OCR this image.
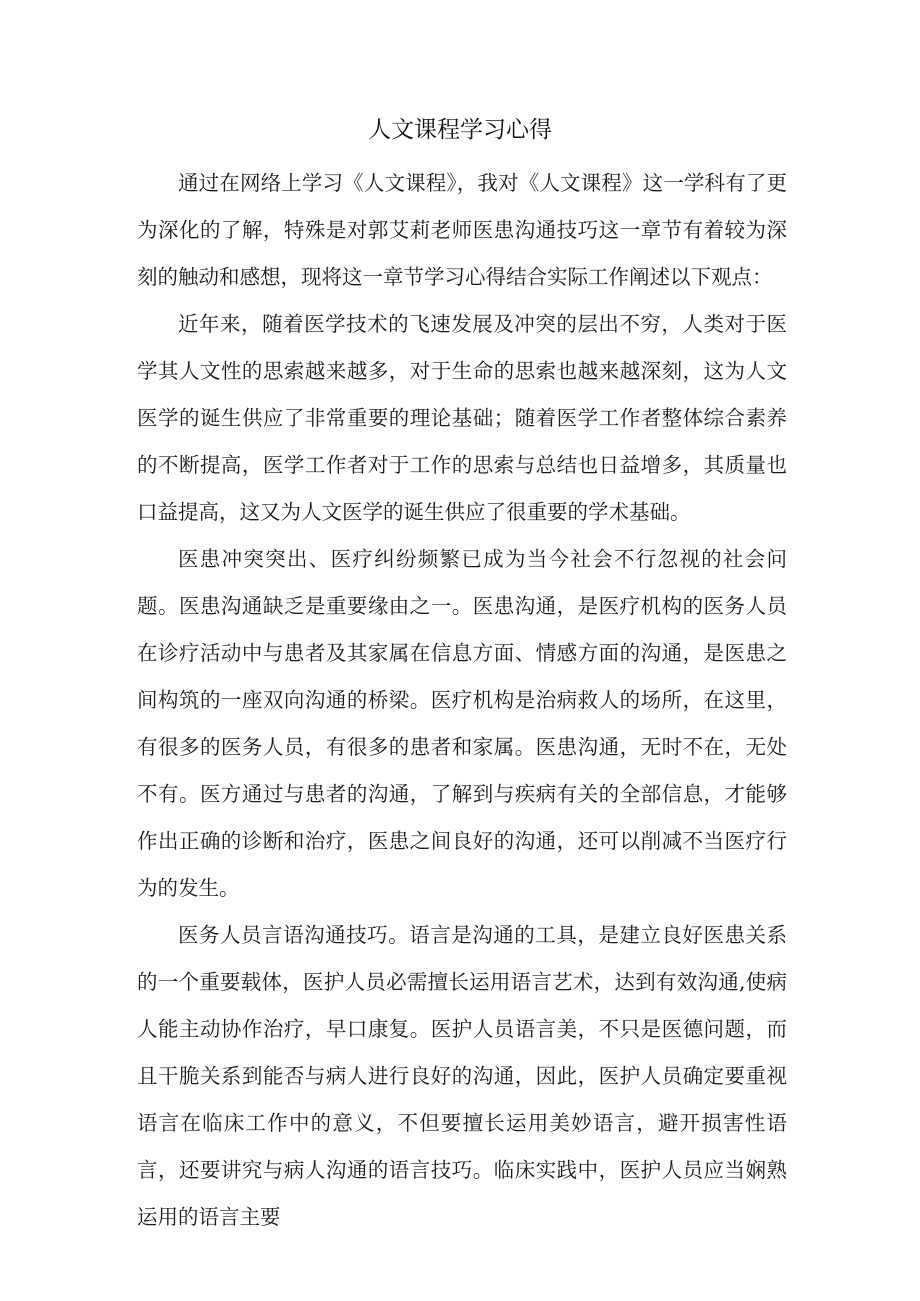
人文课程学习心得

通过在网络上学习《人文课程》，我对《人文课程》这一学科有了更为深化的了解，特殊是对郭艾莉老师医患沟通技巧这一章节有着较为深刻的触动和感想，现将这一章节学习心得结合实际工作阐述以下观点：

近年来，随着医学技术的飞速发展及冲突的层出不穷，人类对于医学其人文性的思索越来越多，对于生命的思索也越来越深刻，这为人文医学的诞生供应了非常重要的理论基础；随着医学工作者整体综合素养的不断提高，医学工作者对于工作的思索与总结也日益增多，其质量也口益提高，这又为人文医学的诞生供应了很重要的学术基础。

医患冲突突出、医疗纠纷频繁已成为当今社会不行忽视的社会问题。医患沟通缺乏是重要缘由之一。医患沟通，是医疗机构的医务人员在诊疗活动中与患者及其家属在信息方面、情感方面的沟通，是医患之间构筑的一座双向沟通的桥梁。医疗机构是治病救人的场所，在这里，有很多的医务人员，有很多的患者和家属。医患沟通，无时不在，无处不有。医方通过与患者的沟通，了解到与疾病有关的全部信息，才能够作出正确的诊断和治疗，医患之间良好的沟通，还可以削减不当医疗行为的发生。

医务人员言语沟通技巧。语言是沟通的工具，是建立良好医患关系的一个重要载体，医护人员必需擅长运用语言艺术，达到有效沟通,使病人能主动协作治疗，早口康复。医护人员语言美，不只是医德问题，而且干脆关系到能否与病人进行良好的沟通，因此，医护人员确定要重视语言在临床工作中的意义，不但要擅长运用美妙语言，避开损害性语言，还要讲究与病人沟通的语言技巧。临床实践中，医护人员应当娴熟运用的语言主要
